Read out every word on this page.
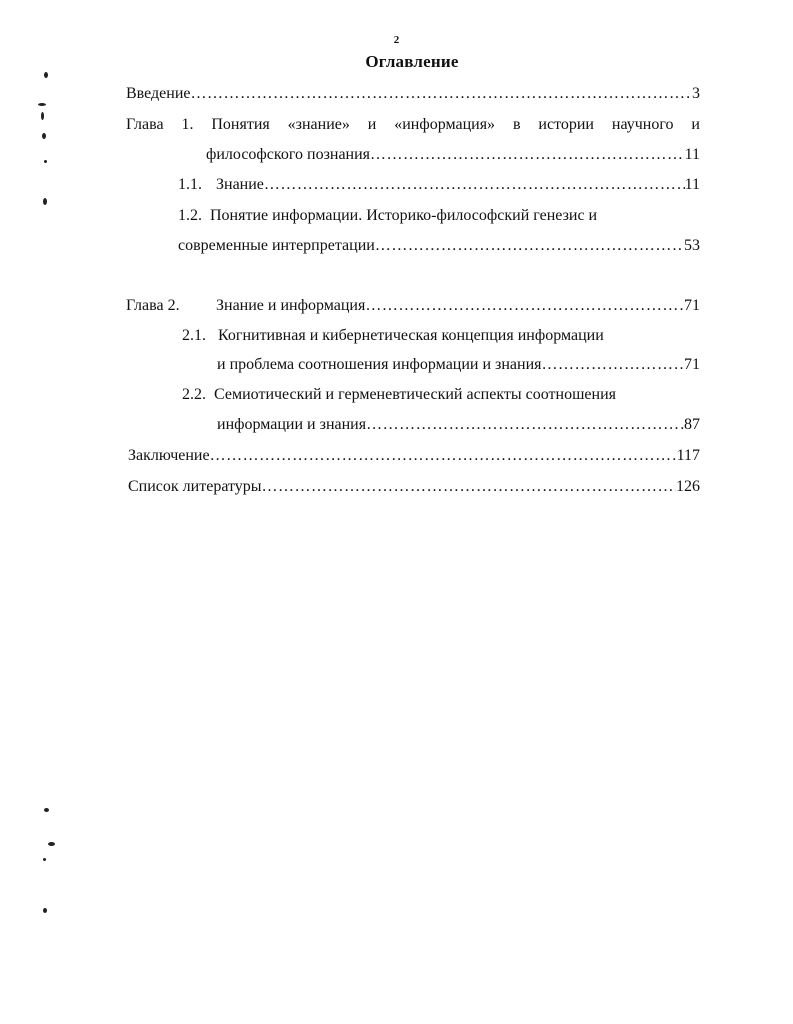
2
Оглавление
Введение …………………………………………………………………………………………………………………………………………………………………………………………………	3
Глава 1. Понятия «знание» и «информация» в истории научного и
философского познания …………………………………………………………………………………………………………………………………………………………………………………………………	11
1.1. Знание …………………………………………………………………………………………………………………………………………………………………………………………………	11
1.2.  Понятие информации. Историко-философский генезис и
современные интерпретации …………………………………………………………………………………………………………………………………………………………………………………………………	53
Глава 2.	Знание и информация …………………………………………………………………………………………………………………………………………………………………………………………………	71
2.1.   Когнитивная и кибернетическая концепция информации
и проблема соотношения информации и знания …………………………………………………………………………………………………………………………………………………………………………………………………	71
2.2.  Семиотический и герменевтический аспекты соотношения
информации и знания …………………………………………………………………………………………………………………………………………………………………………………………………	87
Заключение …………………………………………………………………………………………………………………………………………………………………………………………………	117
Список литературы …………………………………………………………………………………………………………………………………………………………………………………………………	126
